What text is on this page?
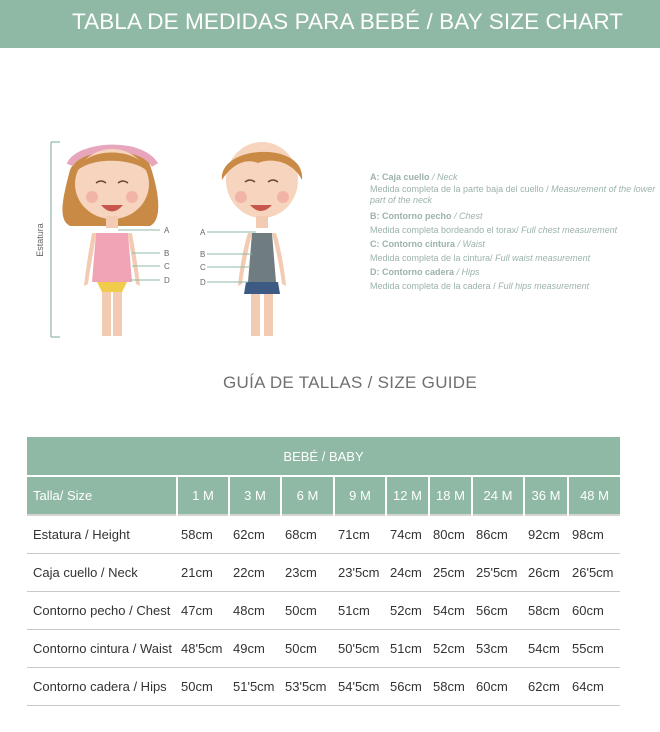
TABLA DE MEDIDAS PARA BEBÉ / BAY SIZE CHART
Estatura	A
B
C
D
A
B
C
D
A: Caja cuello / Neck
Medida completa de la parte baja del cuello / Measurement of the lower part of the neck
B: Contorno pecho / Chest
Medida completa bordeando el torax/ Full chest measurement
C: Contorno cintura / Waist
Medida completa de la cintura/ Full waist measurement
D: Contorno cadera / Hips
Medida completa de la cadera / Full hips measurement
GUÍA DE TALLAS / SIZE GUIDE
BEBÉ / BABY									
Talla/ Size	1 M	3 M	6 M	9 M	12 M	18 M	24 M	36 M	48 M
Estatura / Height	58cm	62cm	68cm	71cm	74cm	80cm	86cm	92cm	98cm
Caja cuello / Neck	21cm	22cm	23cm	23'5cm	24cm	25cm	25'5cm	26cm	26'5cm
Contorno pecho / Chest	47cm	48cm	50cm	51cm	52cm	54cm	56cm	58cm	60cm
Contorno cintura / Waist	48'5cm	49cm	50cm	50'5cm	51cm	52cm	53cm	54cm	55cm
Contorno cadera / Hips	50cm	51'5cm	53'5cm	54'5cm	56cm	58cm	60cm	62cm	64cm
